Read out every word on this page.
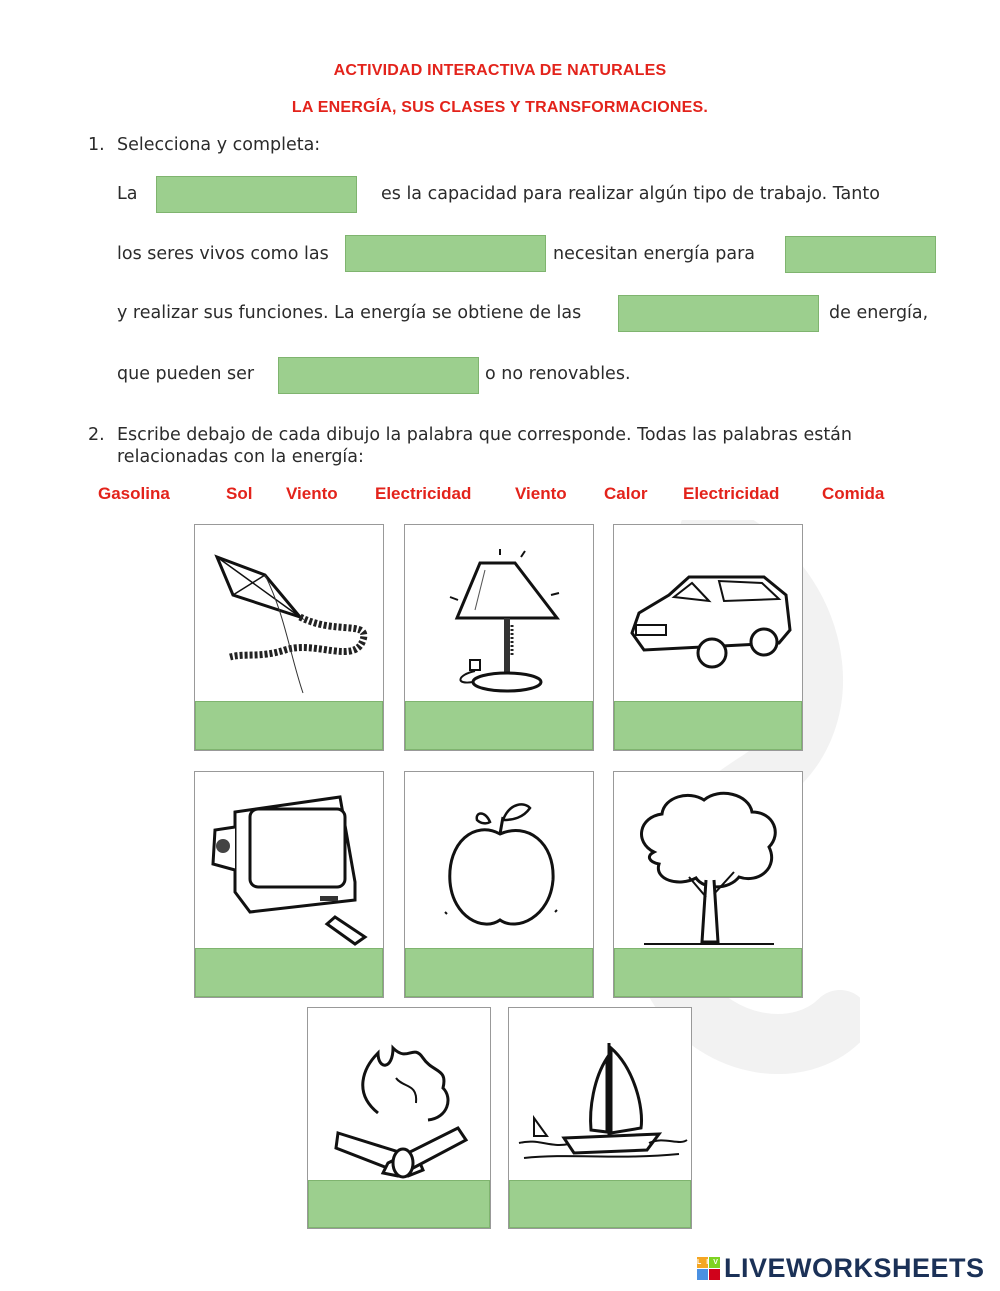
ACTIVIDAD INTERACTIVA DE NATURALES
LA ENERGÍA, SUS CLASES Y TRANSFORMACIONES.
1. Selecciona y completa:
La	es la capacidad para realizar algún tipo de trabajo. Tanto
los seres vivos como las	necesitan energía para
y realizar sus funciones. La energía se obtiene de las	de energía,
que pueden ser	o no renovables.
2. Escribe debajo de cada dibujo la palabra que corresponde. Todas las palabras están
relacionadas con la energía:
Gasolina	Sol Viento Electricidad	Viento Calor Electricidad	Comida
LIVE
LIVEWORKSHEETS
